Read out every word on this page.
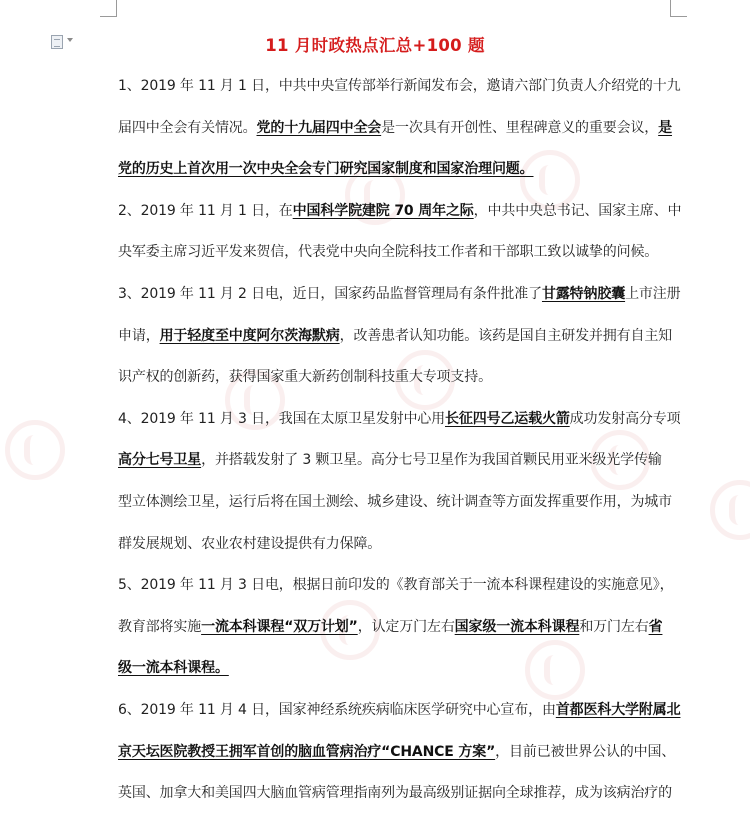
11 月时政热点汇总+100 题
1、2019 年 11 月 1 日，中共中央宣传部举行新闻发布会，邀请六部门负责人介绍党的十九
届四中全会有关情况。党的十九届四中全会是一次具有开创性、里程碑意义的重要会议，是
党的历史上首次用一次中央全会专门研究国家制度和国家治理问题。
2、2019 年 11 月 1 日，在中国科学院建院 70 周年之际，中共中央总书记、国家主席、中
央军委主席习近平发来贺信，代表党中央向全院科技工作者和干部职工致以诚挚的问候。
3、2019 年 11 月 2 日电，近日，国家药品监督管理局有条件批准了甘露特钠胶囊上市注册
申请，用于轻度至中度阿尔茨海默病，改善患者认知功能。该药是国自主研发并拥有自主知
识产权的创新药，获得国家重大新药创制科技重大专项支持。
4、2019 年 11 月 3 日，我国在太原卫星发射中心用长征四号乙运载火箭成功发射高分专项
高分七号卫星，并搭载发射了 3 颗卫星。高分七号卫星作为我国首颗民用亚米级光学传输
型立体测绘卫星，运行后将在国土测绘、城乡建设、统计调查等方面发挥重要作用，为城市
群发展规划、农业农村建设提供有力保障。
5、2019 年 11 月 3 日电，根据日前印发的《教育部关于一流本科课程建设的实施意见》，
教育部将实施一流本科课程“双万计划”，认定万门左右国家级一流本科课程和万门左右省
级一流本科课程。
6、2019 年 11 月 4 日，国家神经系统疾病临床医学研究中心宣布，由首都医科大学附属北
京天坛医院教授王拥军首创的脑血管病治疗“CHANCE 方案”，目前已被世界公认的中国、
英国、加拿大和美国四大脑血管病管理指南列为最高级别证据向全球推荐，成为该病治疗的
